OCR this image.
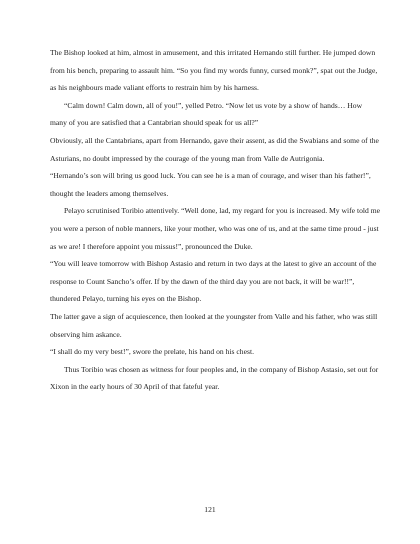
The Bishop looked at him, almost in amusement, and this irritated Hernando still further. He jumped down from his bench, preparing to assault him. “So you find my words funny, cursed monk?”, spat out the Judge, as his neighbours made valiant efforts to restrain him by his harness.

“Calm down! Calm down, all of you!”, yelled Petro. “Now let us vote by a show of hands… How many of you are satisfied that a Cantabrian should speak for us all?”

Obviously, all the Cantabrians, apart from Hernando, gave their assent, as did the Swabians and some of the Asturians, no doubt impressed by the courage of the young man from Valle de Autrigonia.

“Hernando’s son will bring us good luck. You can see he is a man of courage, and wiser than his father!”, thought the leaders among themselves.

Pelayo scrutinised Toribio attentively. “Well done, lad, my regard for you is increased. My wife told me you were a person of noble manners, like your mother, who was one of us, and at the same time proud - just as we are! I therefore appoint you missus!”, pronounced the Duke.

“You will leave tomorrow with Bishop Astasio and return in two days at the latest to give an account of the response to Count Sancho’s offer. If by the dawn of the third day you are not back, it will be war!!”, thundered Pelayo, turning his eyes on the Bishop.

The latter gave a sign of acquiescence, then looked at the youngster from Valle and his father, who was still observing him askance.

“I shall do my very best!”, swore the prelate, his hand on his chest.

Thus Toribio was chosen as witness for four peoples and, in the company of Bishop Astasio, set out for Xixon in the early hours of 30 April of that fateful year.

121
